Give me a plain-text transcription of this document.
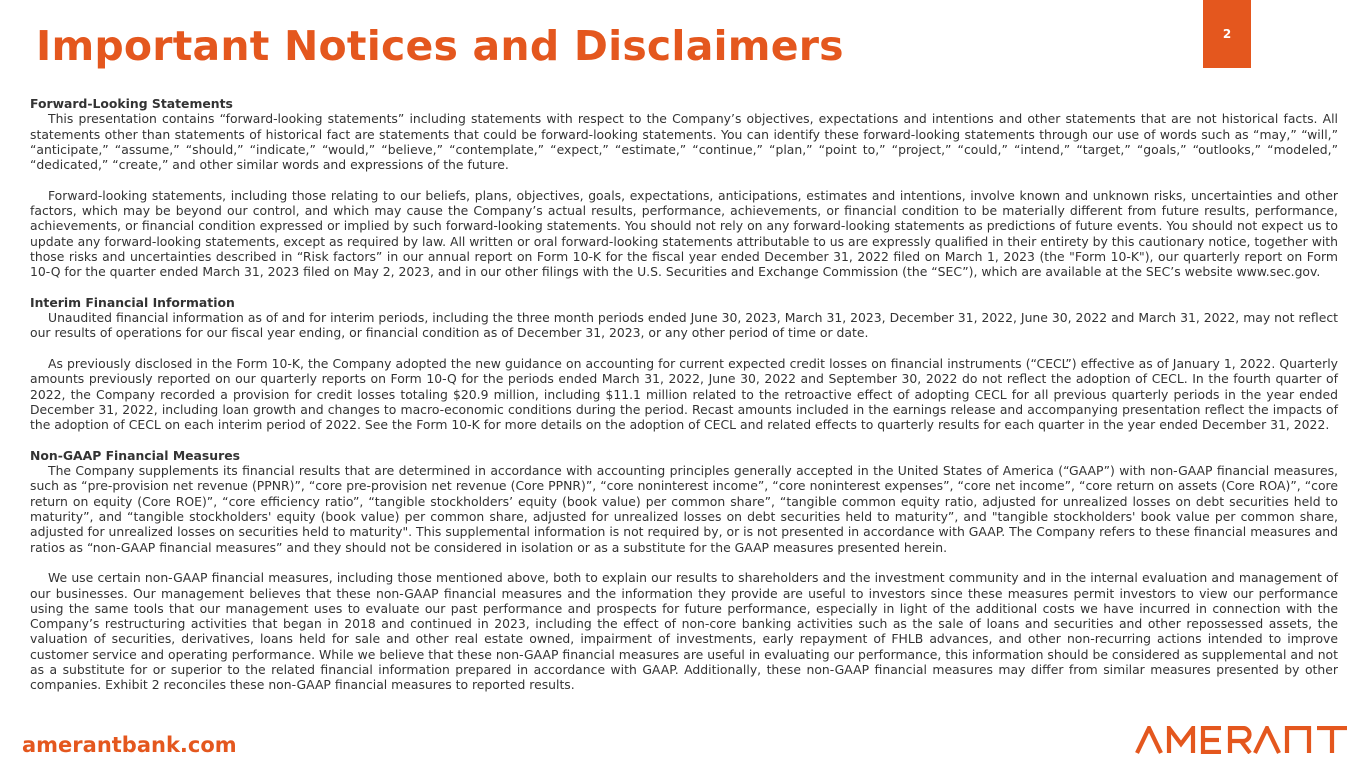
Important Notices and Disclaimers	2

Forward-Looking Statements

This presentation contains “forward-looking statements” including statements with respect to the Company’s objectives, expectations and intentions and other statements that are not historical facts. All statements other than statements of historical fact are statements that could be forward-looking statements. You can identify these forward-looking statements through our use of words such as “may,” “will,” “anticipate,” “assume,” “should,” “indicate,” “would,” “believe,” “contemplate,” “expect,” “estimate,” “continue,” “plan,” “point to,” “project,” “could,” “intend,” “target,” “goals,” “outlooks,” “modeled,” “dedicated,” “create,” and other similar words and expressions of the future.

Forward-looking statements, including those relating to our beliefs, plans, objectives, goals, expectations, anticipations, estimates and intentions, involve known and unknown risks, uncertainties and other factors, which may be beyond our control, and which may cause the Company’s actual results, performance, achievements, or financial condition to be materially different from future results, performance, achievements, or financial condition expressed or implied by such forward-looking statements. You should not rely on any forward-looking statements as predictions of future events. You should not expect us to update any forward-looking statements, except as required by law. All written or oral forward-looking statements attributable to us are expressly qualified in their entirety by this cautionary notice, together with those risks and uncertainties described in “Risk factors” in our annual report on Form 10-K for the fiscal year ended December 31, 2022 filed on March 1, 2023 (the "Form 10-K"), our quarterly report on Form 10-Q for the quarter ended March 31, 2023 filed on May 2, 2023, and in our other filings with the U.S. Securities and Exchange Commission (the “SEC”), which are available at the SEC’s website www.sec.gov.

Interim Financial Information

Unaudited financial information as of and for interim periods, including the three month periods ended June 30, 2023, March 31, 2023, December 31, 2022, June 30, 2022 and March 31, 2022, may not reflect our results of operations for our fiscal year ending, or financial condition as of December 31, 2023, or any other period of time or date.

As previously disclosed in the Form 10-K, the Company adopted the new guidance on accounting for current expected credit losses on financial instruments (“CECL”) effective as of January 1, 2022. Quarterly amounts previously reported on our quarterly reports on Form 10-Q for the periods ended March 31, 2022, June 30, 2022 and September 30, 2022 do not reflect the adoption of CECL. In the fourth quarter of 2022, the Company recorded a provision for credit losses totaling $20.9 million, including $11.1 million related to the retroactive effect of adopting CECL for all previous quarterly periods in the year ended December 31, 2022, including loan growth and changes to macro-economic conditions during the period. Recast amounts included in the earnings release and accompanying presentation reflect the impacts of the adoption of CECL on each interim period of 2022. See the Form 10-K for more details on the adoption of CECL and related effects to quarterly results for each quarter in the year ended December 31, 2022.

Non-GAAP Financial Measures

The Company supplements its financial results that are determined in accordance with accounting principles generally accepted in the United States of America (“GAAP”) with non-GAAP financial measures, such as “pre-provision net revenue (PPNR)”, “core pre-provision net revenue (Core PPNR)”, “core noninterest income”, “core noninterest expenses”, “core net income”, “core return on assets (Core ROA)”, “core return on equity (Core ROE)”, “core efficiency ratio”, “tangible stockholders’ equity (book value) per common share”, “tangible common equity ratio, adjusted for unrealized losses on debt securities held to maturity”, and “tangible stockholders' equity (book value) per common share, adjusted for unrealized losses on debt securities held to maturity”, and "tangible stockholders' book value per common share, adjusted for unrealized losses on securities held to maturity". This supplemental information is not required by, or is not presented in accordance with GAAP. The Company refers to these financial measures and ratios as “non-GAAP financial measures” and they should not be considered in isolation or as a substitute for the GAAP measures presented herein.

We use certain non-GAAP financial measures, including those mentioned above, both to explain our results to shareholders and the investment community and in the internal evaluation and management of our businesses. Our management believes that these non-GAAP financial measures and the information they provide are useful to investors since these measures permit investors to view our performance using the same tools that our management uses to evaluate our past performance and prospects for future performance, especially in light of the additional costs we have incurred in connection with the Company’s restructuring activities that began in 2018 and continued in 2023, including the effect of non-core banking activities such as the sale of loans and securities and other repossessed assets, the valuation of securities, derivatives, loans held for sale and other real estate owned, impairment of investments, early repayment of FHLB advances, and other non-recurring actions intended to improve customer service and operating performance. While we believe that these non-GAAP financial measures are useful in evaluating our performance, this information should be considered as supplemental and not as a substitute for or superior to the related financial information prepared in accordance with GAAP. Additionally, these non-GAAP financial measures may differ from similar measures presented by other companies. Exhibit 2 reconciles these non-GAAP financial measures to reported results.

amerantbank.com
